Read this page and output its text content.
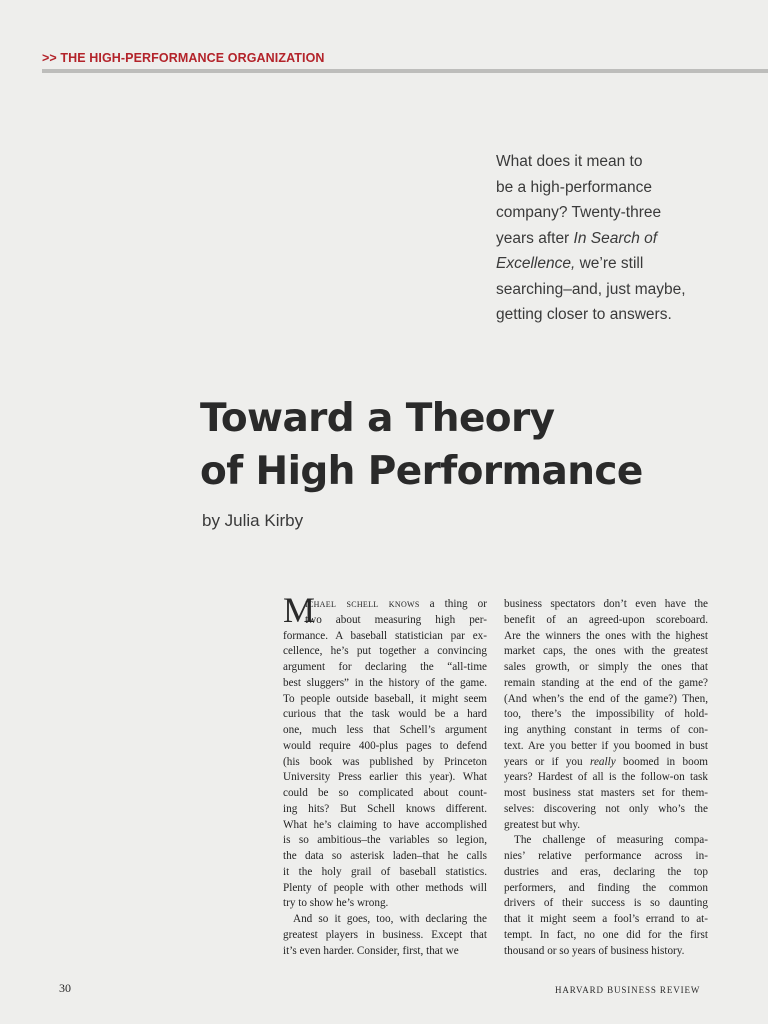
>> THE HIGH-PERFORMANCE ORGANIZATION
What does it mean to
be a high-performance
company? Twenty-three
years after In Search of
Excellence, we’re still
searching–and, just maybe,
getting closer to answers.
Toward a Theory
of High Performance
by Julia Kirby
M
ichael schell knows a thing or
two about measuring high per-
formance. A baseball statistician par ex-
cellence, he’s put together a convincing
argument for declaring the “all-time
best sluggers” in the history of the game.
To people outside baseball, it might seem
curious that the task would be a hard
one, much less that Schell’s argument
would require 400-plus pages to defend
(his book was published by Princeton
University Press earlier this year). What
could be so complicated about count-
ing hits? But Schell knows different.
What he’s claiming to have accomplished
is so ambitious–the variables so legion,
the data so asterisk laden–that he calls
it the holy grail of baseball statistics.
Plenty of people with other methods will
try to show he’s wrong.
And so it goes, too, with declaring the
greatest players in business. Except that
it’s even harder. Consider, first, that we
business spectators don’t even have the
benefit of an agreed-upon scoreboard.
Are the winners the ones with the highest
market caps, the ones with the greatest
sales growth, or simply the ones that
remain standing at the end of the game?
(And when’s the end of the game?) Then,
too, there’s the impossibility of hold-
ing anything constant in terms of con-
text. Are you better if you boomed in bust
years or if you really boomed in boom
years? Hardest of all is the follow-on task
most business stat masters set for them-
selves: discovering not only who’s the
greatest but why.
The challenge of measuring compa-
nies’ relative performance across in-
dustries and eras, declaring the top
performers, and finding the common
drivers of their success is so daunting
that it might seem a fool’s errand to at-
tempt. In fact, no one did for the first
thousand or so years of business history.
30	HARVARD BUSINESS REVIEW
